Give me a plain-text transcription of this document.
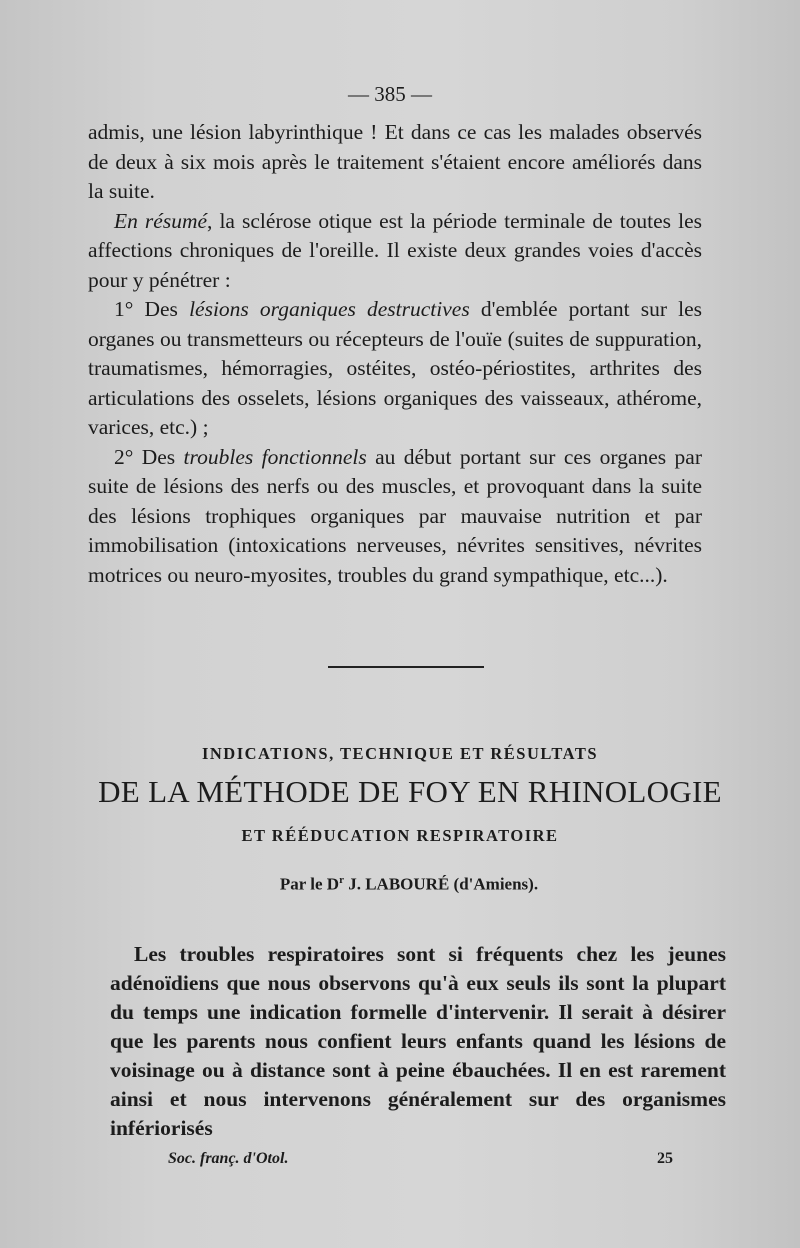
— 385 —

admis, une lésion labyrinthique ! Et dans ce cas les malades observés de deux à six mois après le traitement s'étaient encore améliorés dans la suite.

En résumé, la sclérose otique est la période terminale de toutes les affections chroniques de l'oreille. Il existe deux grandes voies d'accès pour y pénétrer :

1° Des lésions organiques destructives d'emblée portant sur les organes ou transmetteurs ou récepteurs de l'ouïe (suites de suppuration, traumatismes, hémorragies, ostéites, ostéo-périostites, arthrites des articulations des osselets, lésions organiques des vaisseaux, athérome, varices, etc.) ;

2° Des troubles fonctionnels au début portant sur ces organes par suite de lésions des nerfs ou des muscles, et provoquant dans la suite des lésions trophiques organiques par mauvaise nutrition et par immobilisation (intoxications nerveuses, névrites sensitives, névrites motrices ou neuro-myosites, troubles du grand sympathique, etc...).

INDICATIONS, TECHNIQUE ET RÉSULTATS
DE LA MÉTHODE DE FOY EN RHINOLOGIE
ET RÉÉDUCATION RESPIRATOIRE
Par le $D^r$ J. LABOURÉ (d'Amiens).

Les troubles respiratoires sont si fréquents chez les jeunes adénoïdiens que nous observons qu'à eux seuls ils sont la plupart du temps une indication formelle d'intervenir. Il serait à désirer que les parents nous confient leurs enfants quand les lésions de voisinage ou à distance sont à peine ébauchées. Il en est rarement ainsi et nous intervenons généralement sur des organismes infériorisés

Soc. franç. d'Otol.	25
